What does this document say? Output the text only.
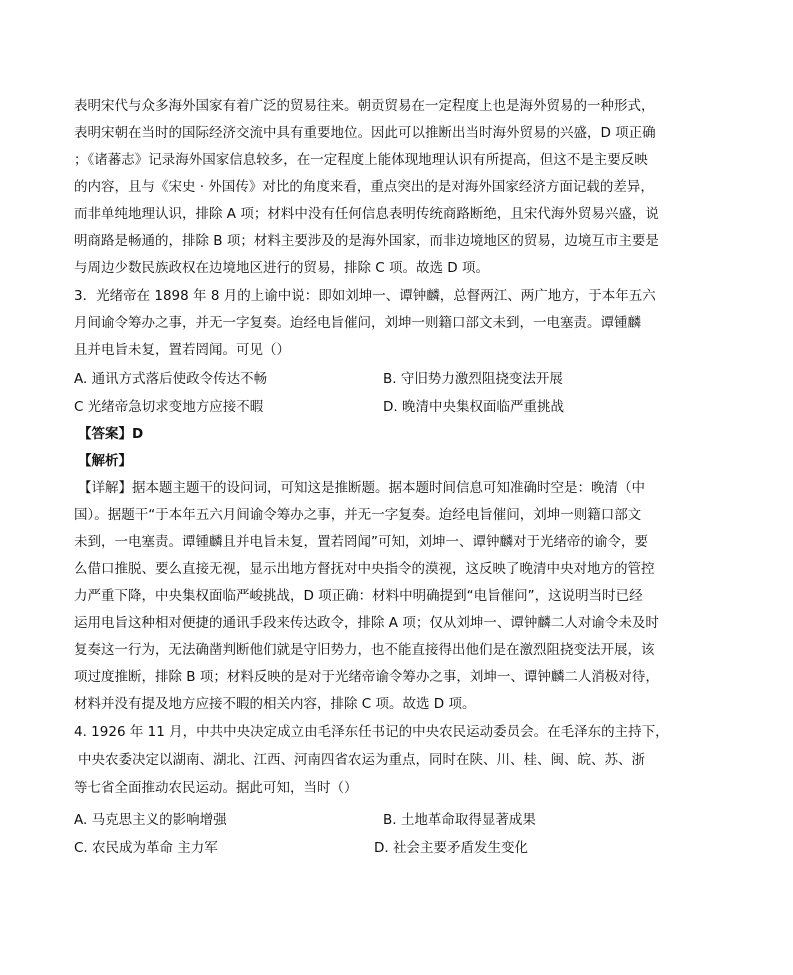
表明宋代与众多海外国家有着广泛的贸易往来。朝贡贸易在一定程度上也是海外贸易的一种形式，
表明宋朝在当时的国际经济交流中具有重要地位。因此可以推断出当时海外贸易的兴盛，D 项正确
；《诸蕃志》记录海外国家信息较多，在一定程度上能体现地理认识有所提高，但这不是主要反映
的内容，且与《宋史 · 外国传》对比的角度来看，重点突出的是对海外国家经济方面记载的差异，
而非单纯地理认识，排除 A 项；材料中没有任何信息表明传统商路断绝，且宋代海外贸易兴盛，说
明商路是畅通的，排除 B 项；材料主要涉及的是海外国家，而非边境地区的贸易，边境互市主要是
与周边少数民族政权在边境地区进行的贸易，排除 C 项。故选 D 项。
3．光绪帝在 1898 年 8 月的上谕中说：即如刘坤一、谭钟麟，总督两江、两广地方，于本年五六
月间谕令筹办之事，并无一字复奏。迨经电旨催问，刘坤一则籍口部文未到，一电塞责。谭锺麟
且并电旨未复，置若罔闻。可见（）
A. 通讯方式落后使政令传达不畅	B. 守旧势力激烈阻挠变法开展
C 光绪帝急切求变地方应接不暇	D. 晚清中央集权面临严重挑战
【答案】D
【解析】
【详解】据本题主题干的设问词，可知这是推断题。据本题时间信息可知准确时空是：晚清（中
国）。据题干“于本年五六月间谕令筹办之事，并无一字复奏。迨经电旨催问，刘坤一则籍口部文
未到，一电塞责。谭锺麟且并电旨未复，置若罔闻”可知，刘坤一、谭钟麟对于光绪帝的谕令，要
么借口推脱、要么直接无视，显示出地方督抚对中央指令的漠视，这反映了晚清中央对地方的管控
力严重下降，中央集权面临严峻挑战，D 项正确：材料中明确提到“电旨催问”，这说明当时已经
运用电旨这种相对便捷的通讯手段来传达政令，排除 A 项；仅从刘坤一、谭钟麟二人对谕令未及时
复奏这一行为，无法确凿判断他们就是守旧势力，也不能直接得出他们是在激烈阻挠变法开展，该
项过度推断，排除 B 项；材料反映的是对于光绪帝谕令筹办之事，刘坤一、谭钟麟二人消极对待，
材料并没有提及地方应接不暇的相关内容，排除 C 项。故选 D 项。
4. 1926 年 11 月，中共中央决定成立由毛泽东任书记的中央农民运动委员会。在毛泽东的主持下，
中央农委决定以湖南、湖北、江西、河南四省农运为重点，同时在陕、川、桂、闽、皖、苏、浙
等七省全面推动农民运动。据此可知，当时（）
A. 马克思主义的影响增强	B. 土地革命取得显著成果
C. 农民成为革命 主力军	D. 社会主要矛盾发生变化
